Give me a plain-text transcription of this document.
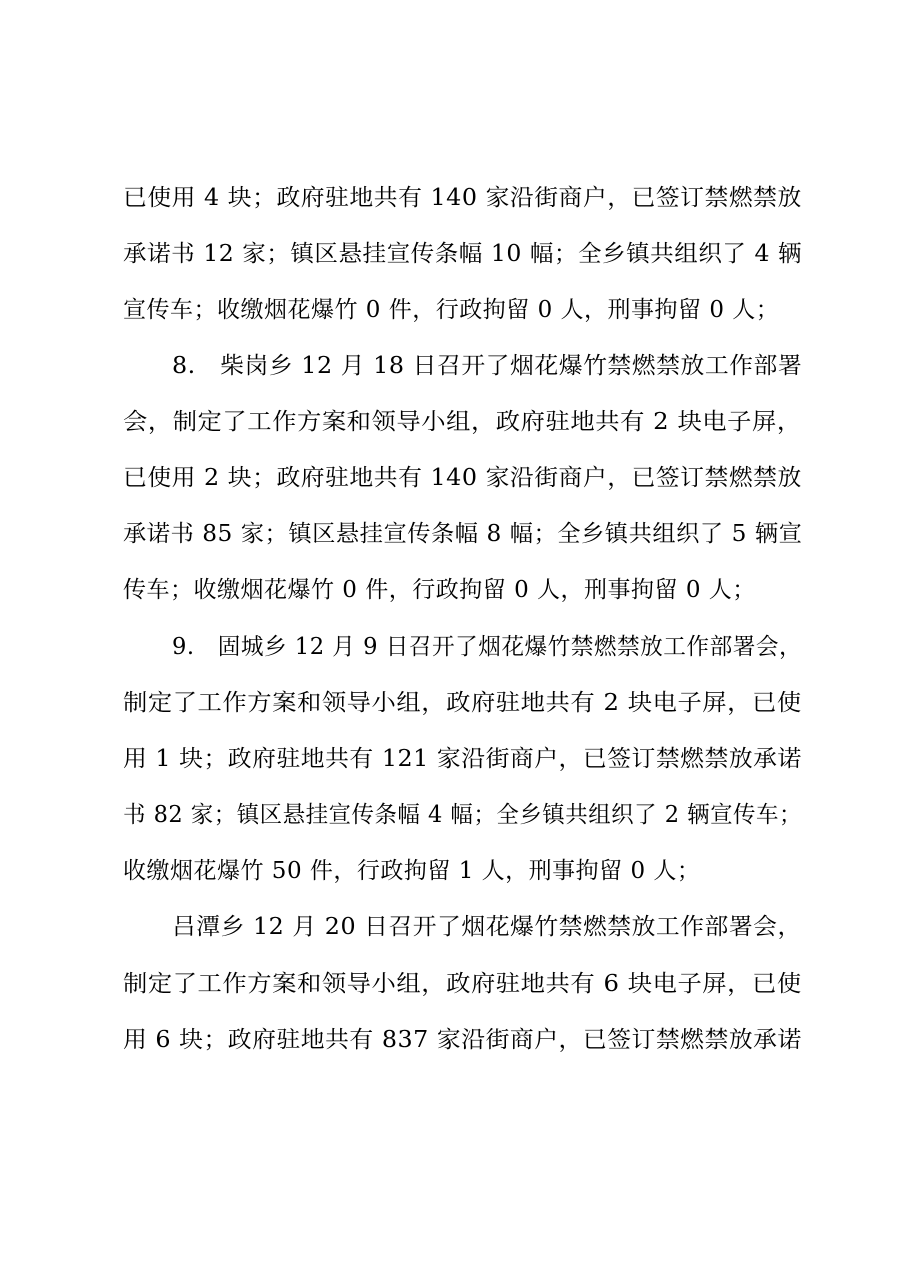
已使用 4 块；政府驻地共有 140 家沿街商户，已签订禁燃禁放
承诺书 12 家；镇区悬挂宣传条幅 10 幅；全乡镇共组织了 4 辆
宣传车；收缴烟花爆竹 0 件，行政拘留 0 人，刑事拘留 0 人；
8.　柴岗乡 12 月 18 日召开了烟花爆竹禁燃禁放工作部署
会，制定了工作方案和领导小组，政府驻地共有 2 块电子屏，
已使用 2 块；政府驻地共有 140 家沿街商户，已签订禁燃禁放
承诺书 85 家；镇区悬挂宣传条幅 8 幅；全乡镇共组织了 5 辆宣
传车；收缴烟花爆竹 0 件，行政拘留 0 人，刑事拘留 0 人；
9.　固城乡 12 月 9 日召开了烟花爆竹禁燃禁放工作部署会，
制定了工作方案和领导小组，政府驻地共有 2 块电子屏，已使
用 1 块；政府驻地共有 121 家沿街商户，已签订禁燃禁放承诺
书 82 家；镇区悬挂宣传条幅 4 幅；全乡镇共组织了 2 辆宣传车；
收缴烟花爆竹 50 件，行政拘留 1 人，刑事拘留 0 人；
吕潭乡 12 月 20 日召开了烟花爆竹禁燃禁放工作部署会，
制定了工作方案和领导小组，政府驻地共有 6 块电子屏，已使
用 6 块；政府驻地共有 837 家沿街商户，已签订禁燃禁放承诺
